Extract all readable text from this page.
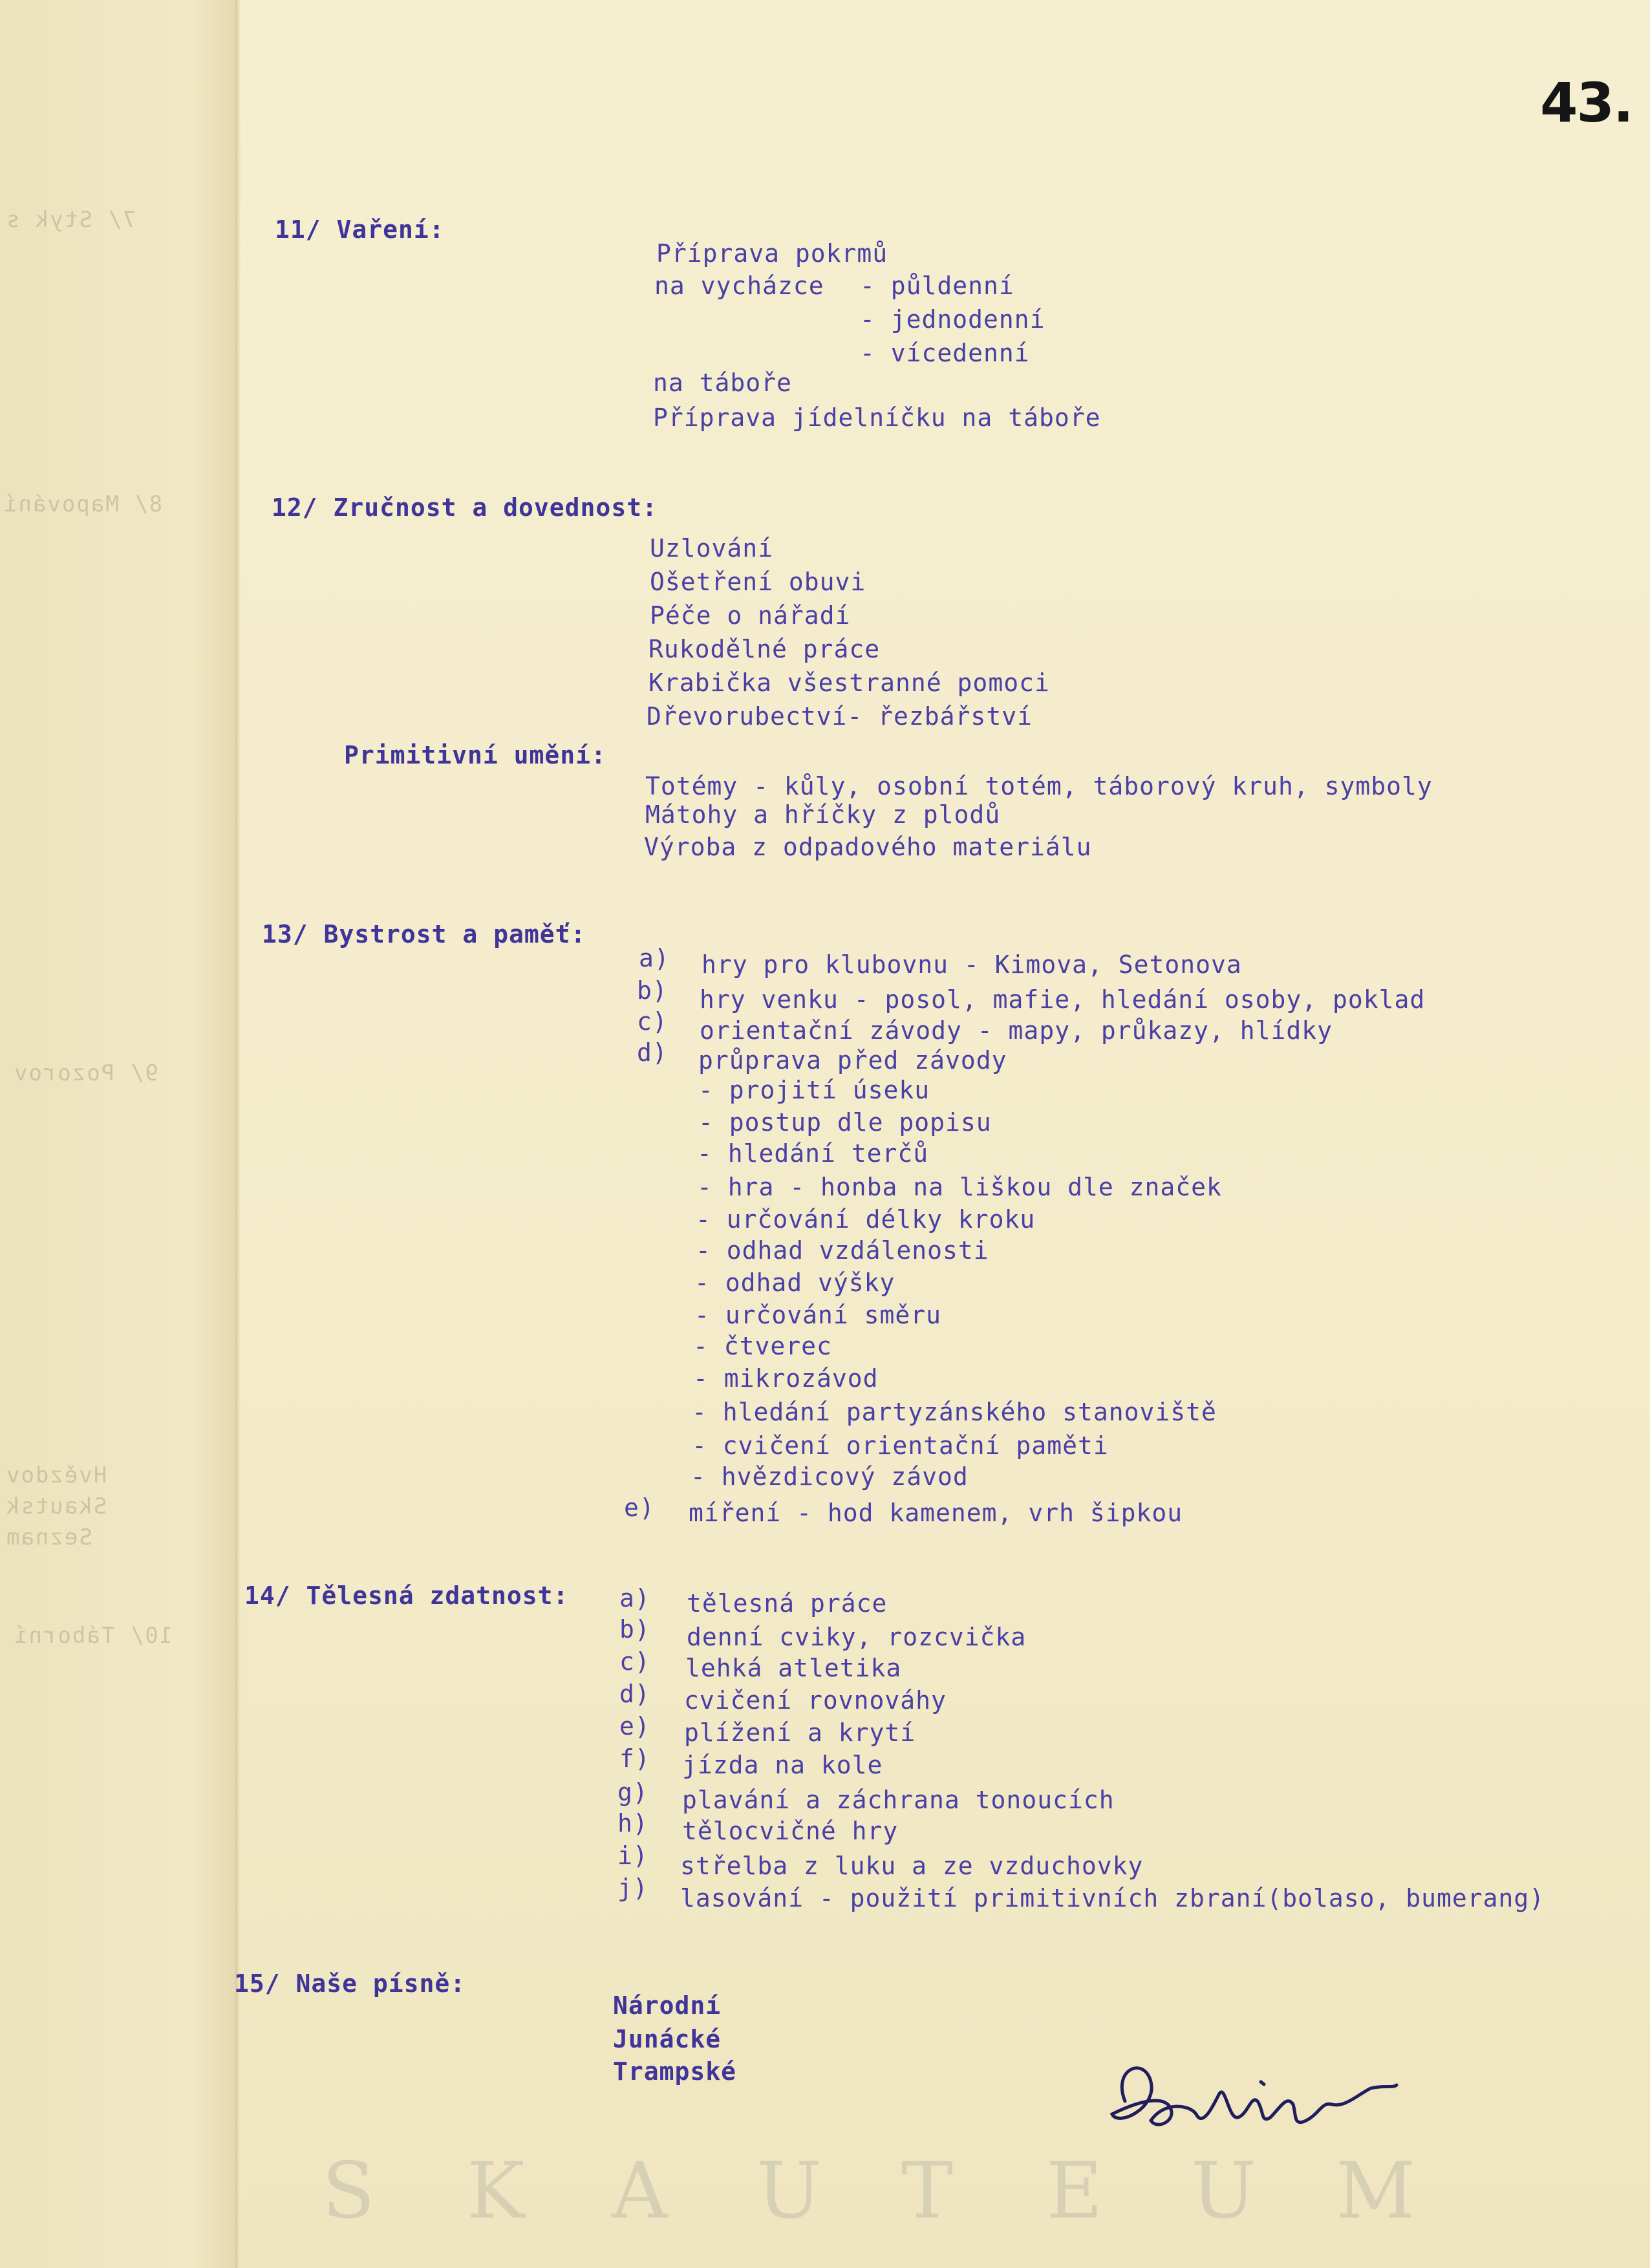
7/ Styk s
8/ Mapování
9/ Pozorov
Hvězdov
Skautsk
Seznam
10/ Táborní
43.
11/ Vaření:
Příprava pokrmů
na vycházce - půldenní
- jednodenní
- vícedenní
na táboře
Příprava jídelníčku na táboře
12/ Zručnost a dovednost:
Uzlování
Ošetření obuvi
Péče o nářadí
Rukodělné práce
Krabička všestranné pomoci
Dřevorubectví- řezbářství
Primitivní umění:
Totémy - kůly, osobní totém, táborový kruh, symboly
Mátohy a hříčky z plodů
Výroba z odpadového materiálu
13/ Bystrost a paměť:
a) hry pro klubovnu - Kimova, Setonova
b) hry venku - posol, mafie, hledání osoby, poklad
c) orientační závody - mapy, průkazy, hlídky
d) průprava před závody
- projití úseku
- postup dle popisu
- hledání terčů
- hra - honba na liškou dle značek
- určování délky kroku
- odhad vzdálenosti
- odhad výšky
- určování směru
- čtverec
- mikrozávod
- hledání partyzánského stanoviště
- cvičení orientační paměti
- hvězdicový závod
e) míření - hod kamenem, vrh šipkou
14/ Tělesná zdatnost: a) tělesná práce
b) denní cviky, rozcvička
c) lehká atletika
d) cvičení rovnováhy
e) plížení a krytí
f) jízda na kole
g) plavání a záchrana tonoucích
h) tělocvičné hry
i) střelba z luku a ze vzduchovky
j) lasování - použití primitivních zbraní(bolaso, bumerang)
15/ Naše písně:
Národní
Junácké
Trampské
S K A U T E U M
